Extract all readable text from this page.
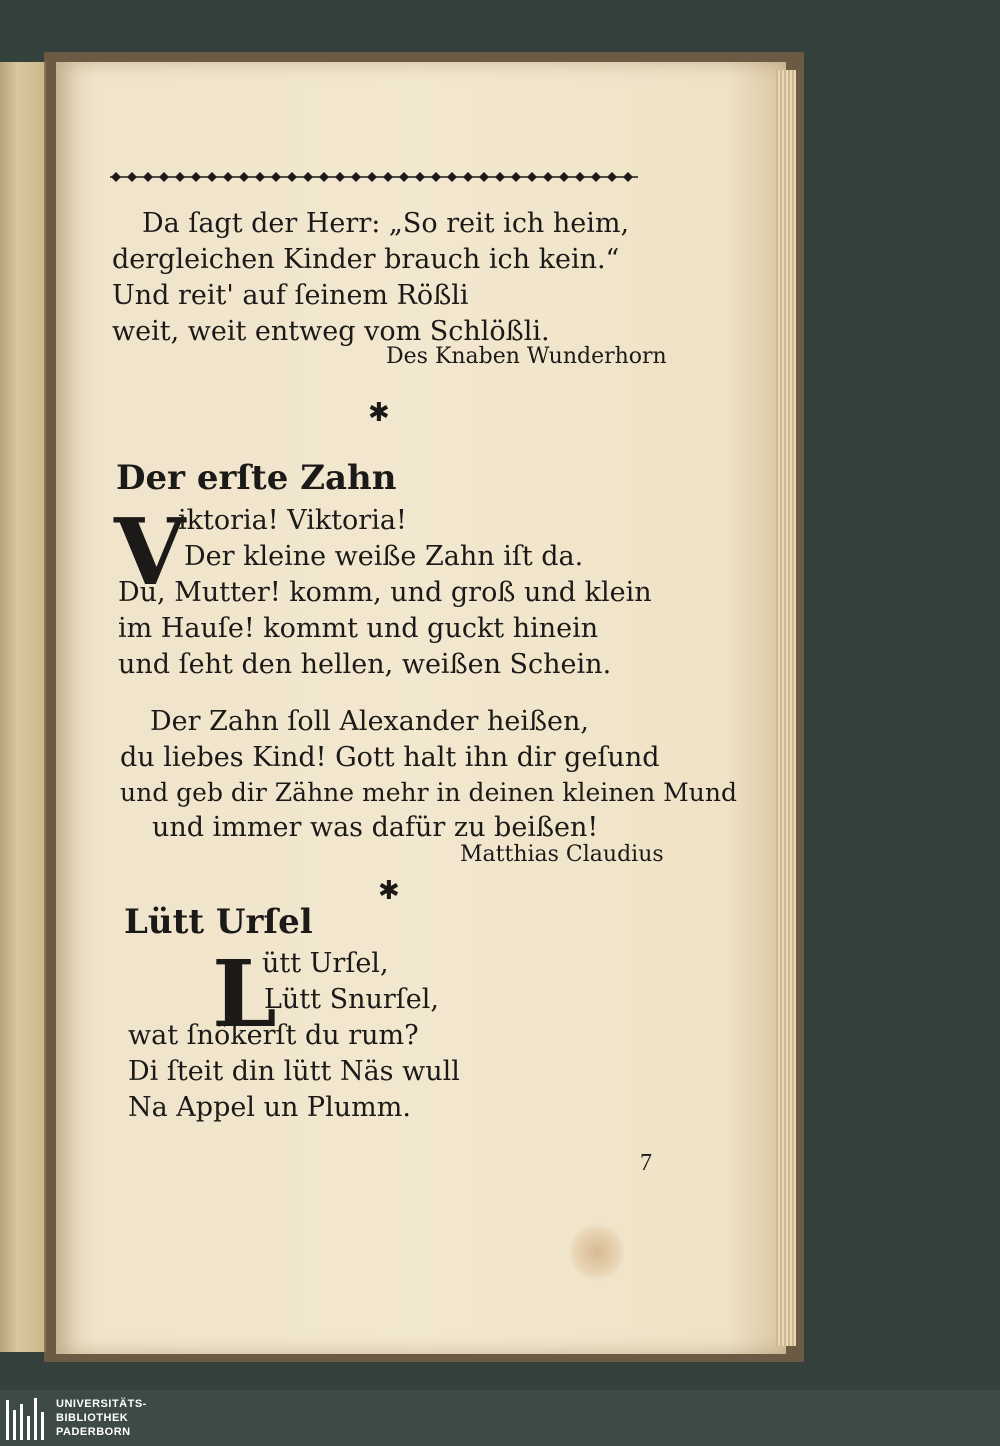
Da ſagt der Herr: „So reit ich heim,
dergleichen Kinder brauch ich kein.“
Und reit' auf ſeinem Rößli
weit, weit entweg vom Schlößli.
Des Knaben Wunderhorn
✱
Der erſte Zahn
V
iktoria! Viktoria!
Der kleine weiße Zahn iſt da.
Du, Mutter! komm, und groß und klein
im Hauſe! kommt und guckt hinein
und ſeht den hellen, weißen Schein.
Der Zahn ſoll Alexander heißen,
du liebes Kind! Gott halt ihn dir geſund
und geb dir Zähne mehr in deinen kleinen Mund
und immer was dafür zu beißen!
Matthias Claudius
✱
Lütt Urſel
L
ütt Urſel,
Lütt Snurſel,
wat ſnökerſt du rum?
Di ſteit din lütt Näs wull
Na Appel un Plumm.
7
UNIVERSITÄTS-
BIBLIOTHEK
PADERBORN
